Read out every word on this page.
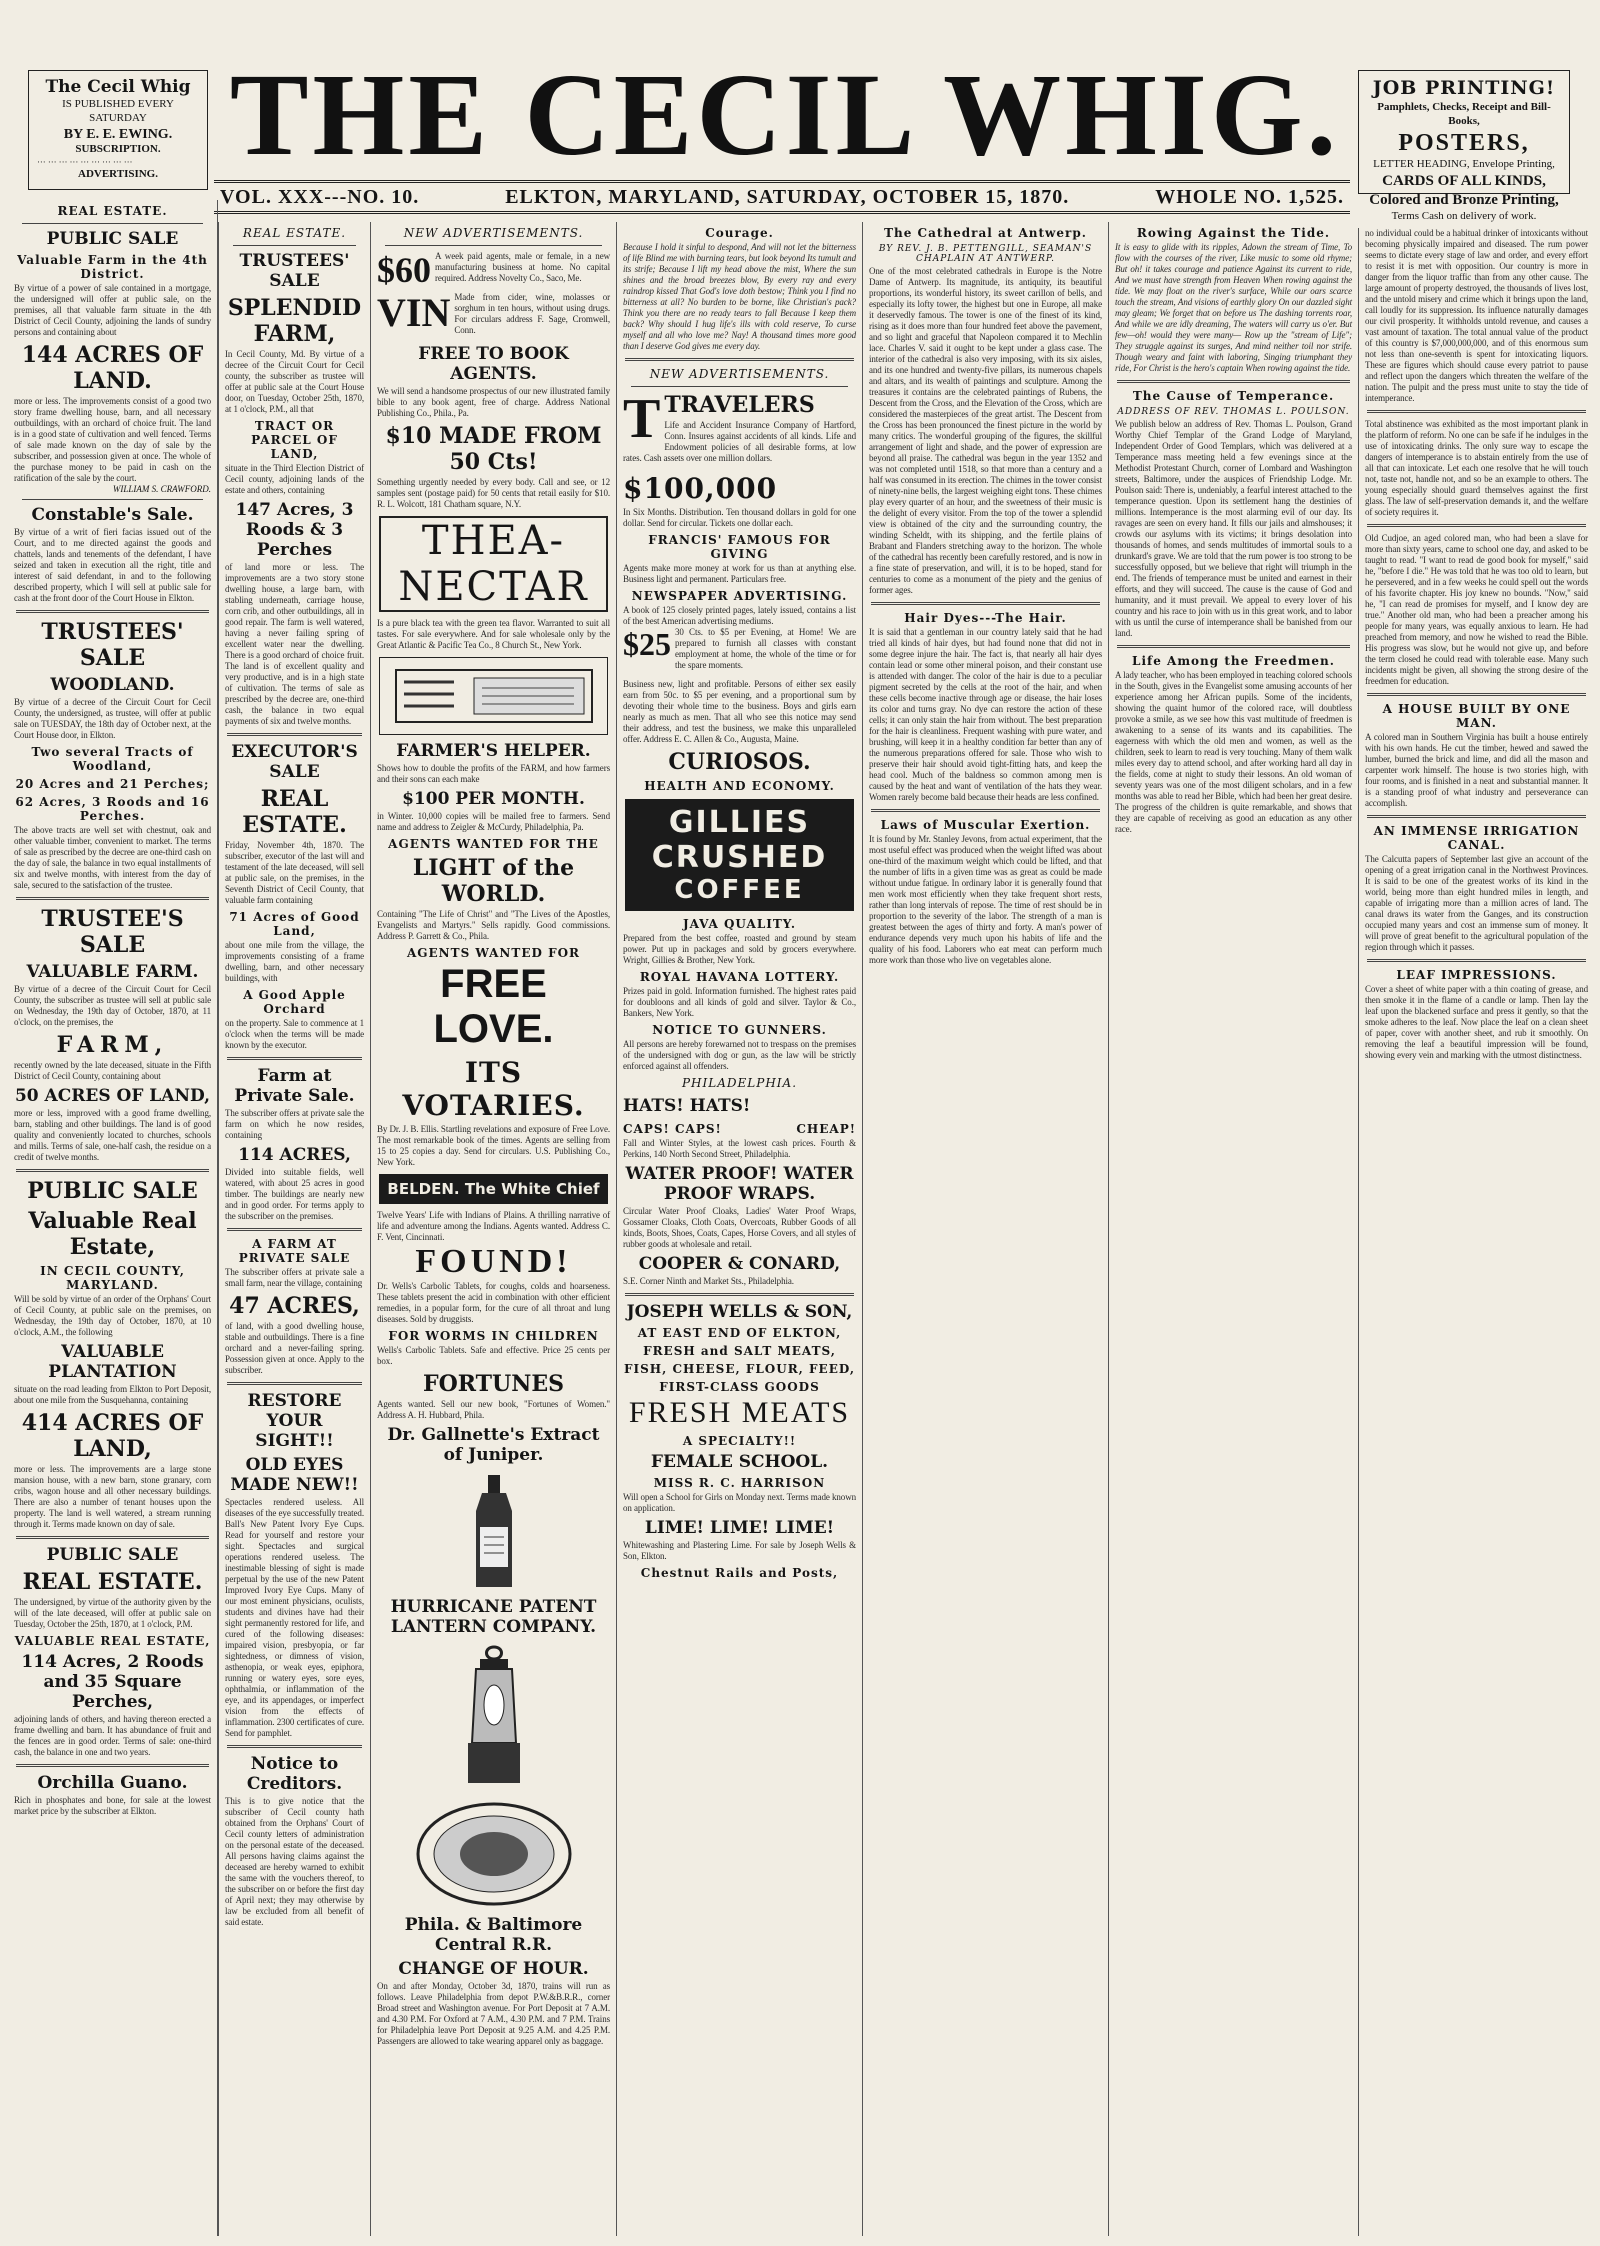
The Cecil Whig
IS PUBLISHED EVERY SATURDAY
BY E. E. EWING.
SUBSCRIPTION.
··· ··· ··· ··· ··· ··· ··· ··· ···
ADVERTISING. THE CECIL WHIG.	JOB PRINTING!
Pamphlets, Checks, Receipt and Bill-Books,
POSTERS,
LETTER HEADING, Envelope Printing,
CARDS OF ALL KINDS,
Colored and Bronze Printing,
Terms Cash on delivery of work.
VOL. XXX---NO. 10.	ELKTON, MARYLAND, SATURDAY, OCTOBER 15, 1870.	WHOLE NO. 1,525.
REAL ESTATE.
PUBLIC SALE
Valuable Farm in the 4th District.
By virtue of a power of sale contained in a mortgage, the undersigned will offer at public sale, on the premises, all that valuable farm situate in the 4th District of Cecil County, adjoining the lands of sundry persons and containing about
144 ACRES OF LAND.
more or less. The improvements consist of a good two story frame dwelling house, barn, and all necessary outbuildings, with an orchard of choice fruit. The land is in a good state of cultivation and well fenced. Terms of sale made known on the day of sale by the subscriber, and possession given at once. The whole of the purchase money to be paid in cash on the ratification of the sale by the court.
WILLIAM S. CRAWFORD.
Constable's Sale.
By virtue of a writ of fieri facias issued out of the Court, and to me directed against the goods and chattels, lands and tenements of the defendant, I have seized and taken in execution all the right, title and interest of said defendant, in and to the following described property, which I will sell at public sale for cash at the front door of the Court House in Elkton.
TRUSTEES' SALE
WOODLAND.
By virtue of a decree of the Circuit Court for Cecil County, the undersigned, as trustee, will offer at public sale on TUESDAY, the 18th day of October next, at the Court House door, in Elkton.
Two several Tracts of Woodland,
20 Acres and 21 Perches;
62 Acres, 3 Roods and 16 Perches.
The above tracts are well set with chestnut, oak and other valuable timber, convenient to market. The terms of sale as prescribed by the decree are one-third cash on the day of sale, the balance in two equal installments of six and twelve months, with interest from the day of sale, secured to the satisfaction of the trustee.
TRUSTEE'S SALE
VALUABLE FARM.
By virtue of a decree of the Circuit Court for Cecil County, the subscriber as trustee will sell at public sale on Wednesday, the 19th day of October, 1870, at 11 o'clock, on the premises, the
FARM,
recently owned by the late deceased, situate in the Fifth District of Cecil County, containing about
50 ACRES OF LAND,
more or less, improved with a good frame dwelling, barn, stabling and other buildings. The land is of good quality and conveniently located to churches, schools and mills. Terms of sale, one-half cash, the residue on a credit of twelve months.
PUBLIC SALE
Valuable Real Estate,
IN CECIL COUNTY, MARYLAND.
Will be sold by virtue of an order of the Orphans' Court of Cecil County, at public sale on the premises, on Wednesday, the 19th day of October, 1870, at 10 o'clock, A.M., the following
VALUABLE PLANTATION
situate on the road leading from Elkton to Port Deposit, about one mile from the Susquehanna, containing
414 ACRES OF LAND,
more or less. The improvements are a large stone mansion house, with a new barn, stone granary, corn cribs, wagon house and all other necessary buildings. There are also a number of tenant houses upon the property. The land is well watered, a stream running through it. Terms made known on day of sale.
PUBLIC SALE
REAL ESTATE.
The undersigned, by virtue of the authority given by the will of the late deceased, will offer at public sale on Tuesday, October the 25th, 1870, at 1 o'clock, P.M.
VALUABLE REAL ESTATE,
114 Acres, 2 Roods and 35 Square Perches,
adjoining lands of others, and having thereon erected a frame dwelling and barn. It has abundance of fruit and the fences are in good order. Terms of sale: one-third cash, the balance in one and two years.
Orchilla Guano.
Rich in phosphates and bone, for sale at the lowest market price by the subscriber at Elkton.
REAL ESTATE.
TRUSTEES' SALE
SPLENDID FARM,
In Cecil County, Md. By virtue of a decree of the Circuit Court for Cecil county, the subscriber as trustee will offer at public sale at the Court House door, on Tuesday, October 25th, 1870, at 1 o'clock, P.M., all that
TRACT OR PARCEL OF LAND,
situate in the Third Election District of Cecil county, adjoining lands of the estate and others, containing
147 Acres, 3 Roods & 3 Perches
of land more or less. The improvements are a two story stone dwelling house, a large barn, with stabling underneath, carriage house, corn crib, and other outbuildings, all in good repair. The farm is well watered, having a never failing spring of excellent water near the dwelling. There is a good orchard of choice fruit. The land is of excellent quality and very productive, and is in a high state of cultivation. The terms of sale as prescribed by the decree are, one-third cash, the balance in two equal payments of six and twelve months.
EXECUTOR'S SALE
REAL ESTATE.
Friday, November 4th, 1870. The subscriber, executor of the last will and testament of the late deceased, will sell at public sale, on the premises, in the Seventh District of Cecil County, that valuable farm containing
71 Acres of Good Land,
about one mile from the village, the improvements consisting of a frame dwelling, barn, and other necessary buildings, with
A Good Apple Orchard
on the property. Sale to commence at 1 o'clock when the terms will be made known by the executor.
Farm at Private Sale.
The subscriber offers at private sale the farm on which he now resides, containing
114 ACRES,
Divided into suitable fields, well watered, with about 25 acres in good timber. The buildings are nearly new and in good order. For terms apply to the subscriber on the premises.
A FARM AT PRIVATE SALE
The subscriber offers at private sale a small farm, near the village, containing
47 ACRES,
of land, with a good dwelling house, stable and outbuildings. There is a fine orchard and a never-failing spring. Possession given at once. Apply to the subscriber.
RESTORE YOUR SIGHT!!
OLD EYES MADE NEW!!
Spectacles rendered useless. All diseases of the eye successfully treated. Ball's New Patent Ivory Eye Cups. Read for yourself and restore your sight. Spectacles and surgical operations rendered useless. The inestimable blessing of sight is made perpetual by the use of the new Patent Improved Ivory Eye Cups. Many of our most eminent physicians, oculists, students and divines have had their sight permanently restored for life, and cured of the following diseases: impaired vision, presbyopia, or far sightedness, or dimness of vision, asthenopia, or weak eyes, epiphora, running or watery eyes, sore eyes, ophthalmia, or inflammation of the eye, and its appendages, or imperfect vision from the effects of inflammation. 2300 certificates of cure. Send for pamphlet.
Notice to Creditors.
This is to give notice that the subscriber of Cecil county hath obtained from the Orphans' Court of Cecil county letters of administration on the personal estate of the deceased. All persons having claims against the deceased are hereby warned to exhibit the same with the vouchers thereof, to the subscriber on or before the first day of April next; they may otherwise by law be excluded from all benefit of said estate.
NEW ADVERTISEMENTS.
$60 A week paid agents, male or female, in a new manufacturing business at home. No capital required. Address Novelty Co., Saco, Me.
VIN Made from cider, wine, molasses or sorghum in ten hours, without using drugs. For circulars address F. Sage, Cromwell, Conn.
FREE TO BOOK AGENTS.
We will send a handsome prospectus of our new illustrated family bible to any book agent, free of charge. Address National Publishing Co., Phila., Pa.
$10 MADE FROM 50 Cts!
Something urgently needed by every body. Call and see, or 12 samples sent (postage paid) for 50 cents that retail easily for $10. R. L. Wolcott, 181 Chatham square, N.Y.
THEA-NECTAR
Is a pure black tea with the green tea flavor. Warranted to suit all tastes. For sale everywhere. And for sale wholesale only by the Great Atlantic & Pacific Tea Co., 8 Church St., New York.
FARMER'S HELPER.
Shows how to double the profits of the FARM, and how farmers and their sons can each make
$100 PER MONTH.
in Winter. 10,000 copies will be mailed free to farmers. Send name and address to Zeigler & McCurdy, Philadelphia, Pa.
AGENTS WANTED FOR THE
LIGHT of the WORLD.
Containing "The Life of Christ" and "The Lives of the Apostles, Evangelists and Martyrs." Sells rapidly. Good commissions. Address P. Garrett & Co., Phila.
AGENTS WANTED FOR
FREE LOVE.
ITS VOTARIES.
By Dr. J. B. Ellis. Startling revelations and exposure of Free Love. The most remarkable book of the times. Agents are selling from 15 to 25 copies a day. Send for circulars. U.S. Publishing Co., New York.
BELDEN. The White Chief
Twelve Years' Life with Indians of Plains. A thrilling narrative of life and adventure among the Indians. Agents wanted. Address C. F. Vent, Cincinnati.
FOUND!
Dr. Wells's Carbolic Tablets, for coughs, colds and hoarseness. These tablets present the acid in combination with other efficient remedies, in a popular form, for the cure of all throat and lung diseases. Sold by druggists.
FOR WORMS IN CHILDREN
Wells's Carbolic Tablets. Safe and effective. Price 25 cents per box.
FORTUNES
Agents wanted. Sell our new book, "Fortunes of Women." Address A. H. Hubbard, Phila.
Dr. Gallnette's Extract of Juniper.
HURRICANE PATENT LANTERN COMPANY.
Phila. & Baltimore Central R.R.
CHANGE OF HOUR.
On and after Monday, October 3d, 1870, trains will run as follows. Leave Philadelphia from depot P.W.&B.R.R., corner Broad street and Washington avenue. For Port Deposit at 7 A.M. and 4.30 P.M. For Oxford at 7 A.M., 4.30 P.M. and 7 P.M. Trains for Philadelphia leave Port Deposit at 9.25 A.M. and 4.25 P.M. Passengers are allowed to take wearing apparel only as baggage.
Courage.
Because I hold it sinful to despond, And will not let the bitterness of life Blind me with burning tears, but look beyond Its tumult and its strife; Because I lift my head above the mist, Where the sun shines and the broad breezes blow, By every ray and every raindrop kissed That God's love doth bestow; Think you I find no bitterness at all? No burden to be borne, like Christian's pack? Think you there are no ready tears to fall Because I keep them back? Why should I hug life's ills with cold reserve, To curse myself and all who love me? Nay! A thousand times more good than I deserve God gives me every day.
NEW ADVERTISEMENTS.
T TRAVELERS
Life and Accident Insurance Company of Hartford, Conn. Insures against accidents of all kinds. Life and Endowment policies of all desirable forms, at low rates. Cash assets over one million dollars.
$100,000
In Six Months. Distribution. Ten thousand dollars in gold for one dollar. Send for circular. Tickets one dollar each.
FRANCIS' FAMOUS FOR GIVING
Agents make more money at work for us than at anything else. Business light and permanent. Particulars free.
NEWSPAPER ADVERTISING.
A book of 125 closely printed pages, lately issued, contains a list of the best American advertising mediums.
$25 30 Cts. to $5 per Evening, at Home! We are prepared to furnish all classes with constant employment at home, the whole of the time or for the spare moments.
Business new, light and profitable. Persons of either sex easily earn from 50c. to $5 per evening, and a proportional sum by devoting their whole time to the business. Boys and girls earn nearly as much as men. That all who see this notice may send their address, and test the business, we make this unparalleled offer. Address E. C. Allen & Co., Augusta, Maine.
CURIOSOS.
HEALTH AND ECONOMY.
GILLIES
CRUSHED
COFFEE
JAVA QUALITY.
Prepared from the best coffee, roasted and ground by steam power. Put up in packages and sold by grocers everywhere. Wright, Gillies & Brother, New York.
ROYAL HAVANA LOTTERY.
Prizes paid in gold. Information furnished. The highest rates paid for doubloons and all kinds of gold and silver. Taylor & Co., Bankers, New York.
NOTICE TO GUNNERS.
All persons are hereby forewarned not to trespass on the premises of the undersigned with dog or gun, as the law will be strictly enforced against all offenders.
PHILADELPHIA.
HATS! HATS!
CAPS! CAPS!	CHEAP!
Fall and Winter Styles, at the lowest cash prices. Fourth & Perkins, 140 North Second Street, Philadelphia.
WATER PROOF! WATER PROOF WRAPS.
Circular Water Proof Cloaks, Ladies' Water Proof Wraps, Gossamer Cloaks, Cloth Coats, Overcoats, Rubber Goods of all kinds, Boots, Shoes, Coats, Capes, Horse Covers, and all styles of rubber goods at wholesale and retail.
COOPER & CONARD,
S.E. Corner Ninth and Market Sts., Philadelphia.
JOSEPH WELLS & SON,
AT EAST END OF ELKTON,
FRESH and SALT MEATS,
FISH, CHEESE, FLOUR, FEED,
FIRST-CLASS GOODS
FRESH MEATS
A SPECIALTY!!
FEMALE SCHOOL.
MISS R. C. HARRISON
Will open a School for Girls on Monday next. Terms made known on application.
LIME! LIME! LIME!
Whitewashing and Plastering Lime. For sale by Joseph Wells & Son, Elkton.
Chestnut Rails and Posts,
The Cathedral at Antwerp.
BY REV. J. B. PETTENGILL, SEAMAN'S CHAPLAIN AT ANTWERP.
One of the most celebrated cathedrals in Europe is the Notre Dame of Antwerp. Its magnitude, its antiquity, its beautiful proportions, its wonderful history, its sweet carillon of bells, and especially its lofty tower, the highest but one in Europe, all make it deservedly famous. The tower is one of the finest of its kind, rising as it does more than four hundred feet above the pavement, and so light and graceful that Napoleon compared it to Mechlin lace. Charles V. said it ought to be kept under a glass case. The interior of the cathedral is also very imposing, with its six aisles, and its one hundred and twenty-five pillars, its numerous chapels and altars, and its wealth of paintings and sculpture. Among the treasures it contains are the celebrated paintings of Rubens, the Descent from the Cross, and the Elevation of the Cross, which are considered the masterpieces of the great artist. The Descent from the Cross has been pronounced the finest picture in the world by many critics. The wonderful grouping of the figures, the skillful arrangement of light and shade, and the power of expression are beyond all praise. The cathedral was begun in the year 1352 and was not completed until 1518, so that more than a century and a half was consumed in its erection. The chimes in the tower consist of ninety-nine bells, the largest weighing eight tons. These chimes play every quarter of an hour, and the sweetness of their music is the delight of every visitor. From the top of the tower a splendid view is obtained of the city and the surrounding country, the winding Scheldt, with its shipping, and the fertile plains of Brabant and Flanders stretching away to the horizon. The whole of the cathedral has recently been carefully restored, and is now in a fine state of preservation, and will, it is to be hoped, stand for centuries to come as a monument of the piety and the genius of former ages.
Hair Dyes---The Hair.
It is said that a gentleman in our country lately said that he had tried all kinds of hair dyes, but had found none that did not in some degree injure the hair. The fact is, that nearly all hair dyes contain lead or some other mineral poison, and their constant use is attended with danger. The color of the hair is due to a peculiar pigment secreted by the cells at the root of the hair, and when these cells become inactive through age or disease, the hair loses its color and turns gray. No dye can restore the action of these cells; it can only stain the hair from without. The best preparation for the hair is cleanliness. Frequent washing with pure water, and brushing, will keep it in a healthy condition far better than any of the numerous preparations offered for sale. Those who wish to preserve their hair should avoid tight-fitting hats, and keep the head cool. Much of the baldness so common among men is caused by the heat and want of ventilation of the hats they wear. Women rarely become bald because their heads are less confined.
Laws of Muscular Exertion.
It is found by Mr. Stanley Jevons, from actual experiment, that the most useful effect was produced when the weight lifted was about one-third of the maximum weight which could be lifted, and that the number of lifts in a given time was as great as could be made without undue fatigue. In ordinary labor it is generally found that men work most efficiently when they take frequent short rests, rather than long intervals of repose. The time of rest should be in proportion to the severity of the labor. The strength of a man is greatest between the ages of thirty and forty. A man's power of endurance depends very much upon his habits of life and the quality of his food. Laborers who eat meat can perform much more work than those who live on vegetables alone.
Rowing Against the Tide.
It is easy to glide with its ripples, Adown the stream of Time, To flow with the courses of the river, Like music to some old rhyme; But oh! it takes courage and patience Against its current to ride, And we must have strength from Heaven When rowing against the tide. We may float on the river's surface, While our oars scarce touch the stream, And visions of earthly glory On our dazzled sight may gleam; We forget that on before us The dashing torrents roar, And while we are idly dreaming, The waters will carry us o'er. But few—oh! would they were many— Row up the "stream of Life"; They struggle against its surges, And mind neither toil nor strife. Though weary and faint with laboring, Singing triumphant they ride, For Christ is the hero's captain When rowing against the tide.
The Cause of Temperance.
ADDRESS OF REV. THOMAS L. POULSON.
We publish below an address of Rev. Thomas L. Poulson, Grand Worthy Chief Templar of the Grand Lodge of Maryland, Independent Order of Good Templars, which was delivered at a Temperance mass meeting held a few evenings since at the Methodist Protestant Church, corner of Lombard and Washington streets, Baltimore, under the auspices of Friendship Lodge. Mr. Poulson said: There is, undeniably, a fearful interest attached to the temperance question. Upon its settlement hang the destinies of millions. Intemperance is the most alarming evil of our day. Its ravages are seen on every hand. It fills our jails and almshouses; it crowds our asylums with its victims; it brings desolation into thousands of homes, and sends multitudes of immortal souls to a drunkard's grave. We are told that the rum power is too strong to be successfully opposed, but we believe that right will triumph in the end. The friends of temperance must be united and earnest in their efforts, and they will succeed. The cause is the cause of God and humanity, and it must prevail. We appeal to every lover of his country and his race to join with us in this great work, and to labor with us until the curse of intemperance shall be banished from our land.
Life Among the Freedmen.
A lady teacher, who has been employed in teaching colored schools in the South, gives in the Evangelist some amusing accounts of her experience among her African pupils. Some of the incidents, showing the quaint humor of the colored race, will doubtless provoke a smile, as we see how this vast multitude of freedmen is awakening to a sense of its wants and its capabilities. The eagerness with which the old men and women, as well as the children, seek to learn to read is very touching. Many of them walk miles every day to attend school, and after working hard all day in the fields, come at night to study their lessons. An old woman of seventy years was one of the most diligent scholars, and in a few months was able to read her Bible, which had been her great desire. The progress of the children is quite remarkable, and shows that they are capable of receiving as good an education as any other race.
no individual could be a habitual drinker of intoxicants without becoming physically impaired and diseased. The rum power seems to dictate every stage of law and order, and every effort to resist it is met with opposition. Our country is more in danger from the liquor traffic than from any other cause. The large amount of property destroyed, the thousands of lives lost, and the untold misery and crime which it brings upon the land, call loudly for its suppression. Its influence naturally damages our civil prosperity. It withholds untold revenue, and causes a vast amount of taxation. The total annual value of the product of this country is $7,000,000,000, and of this enormous sum not less than one-seventh is spent for intoxicating liquors. These are figures which should cause every patriot to pause and reflect upon the dangers which threaten the welfare of the nation. The pulpit and the press must unite to stay the tide of intemperance.
Total abstinence was exhibited as the most important plank in the platform of reform. No one can be safe if he indulges in the use of intoxicating drinks. The only sure way to escape the dangers of intemperance is to abstain entirely from the use of all that can intoxicate. Let each one resolve that he will touch not, taste not, handle not, and so be an example to others. The young especially should guard themselves against the first glass. The law of self-preservation demands it, and the welfare of society requires it.
Old Cudjoe, an aged colored man, who had been a slave for more than sixty years, came to school one day, and asked to be taught to read. "I want to read de good book for myself," said he, "before I die." He was told that he was too old to learn, but he persevered, and in a few weeks he could spell out the words of his favorite chapter. His joy knew no bounds. "Now," said he, "I can read de promises for myself, and I know dey are true." Another old man, who had been a preacher among his people for many years, was equally anxious to learn. He had preached from memory, and now he wished to read the Bible. His progress was slow, but he would not give up, and before the term closed he could read with tolerable ease. Many such incidents might be given, all showing the strong desire of the freedmen for education.
A HOUSE BUILT BY ONE MAN.
A colored man in Southern Virginia has built a house entirely with his own hands. He cut the timber, hewed and sawed the lumber, burned the brick and lime, and did all the mason and carpenter work himself. The house is two stories high, with four rooms, and is finished in a neat and substantial manner. It is a standing proof of what industry and perseverance can accomplish.
AN IMMENSE IRRIGATION CANAL.
The Calcutta papers of September last give an account of the opening of a great irrigation canal in the Northwest Provinces. It is said to be one of the greatest works of its kind in the world, being more than eight hundred miles in length, and capable of irrigating more than a million acres of land. The canal draws its water from the Ganges, and its construction occupied many years and cost an immense sum of money. It will prove of great benefit to the agricultural population of the region through which it passes.
LEAF IMPRESSIONS.
Cover a sheet of white paper with a thin coating of grease, and then smoke it in the flame of a candle or lamp. Then lay the leaf upon the blackened surface and press it gently, so that the smoke adheres to the leaf. Now place the leaf on a clean sheet of paper, cover with another sheet, and rub it smoothly. On removing the leaf a beautiful impression will be found, showing every vein and marking with the utmost distinctness.
